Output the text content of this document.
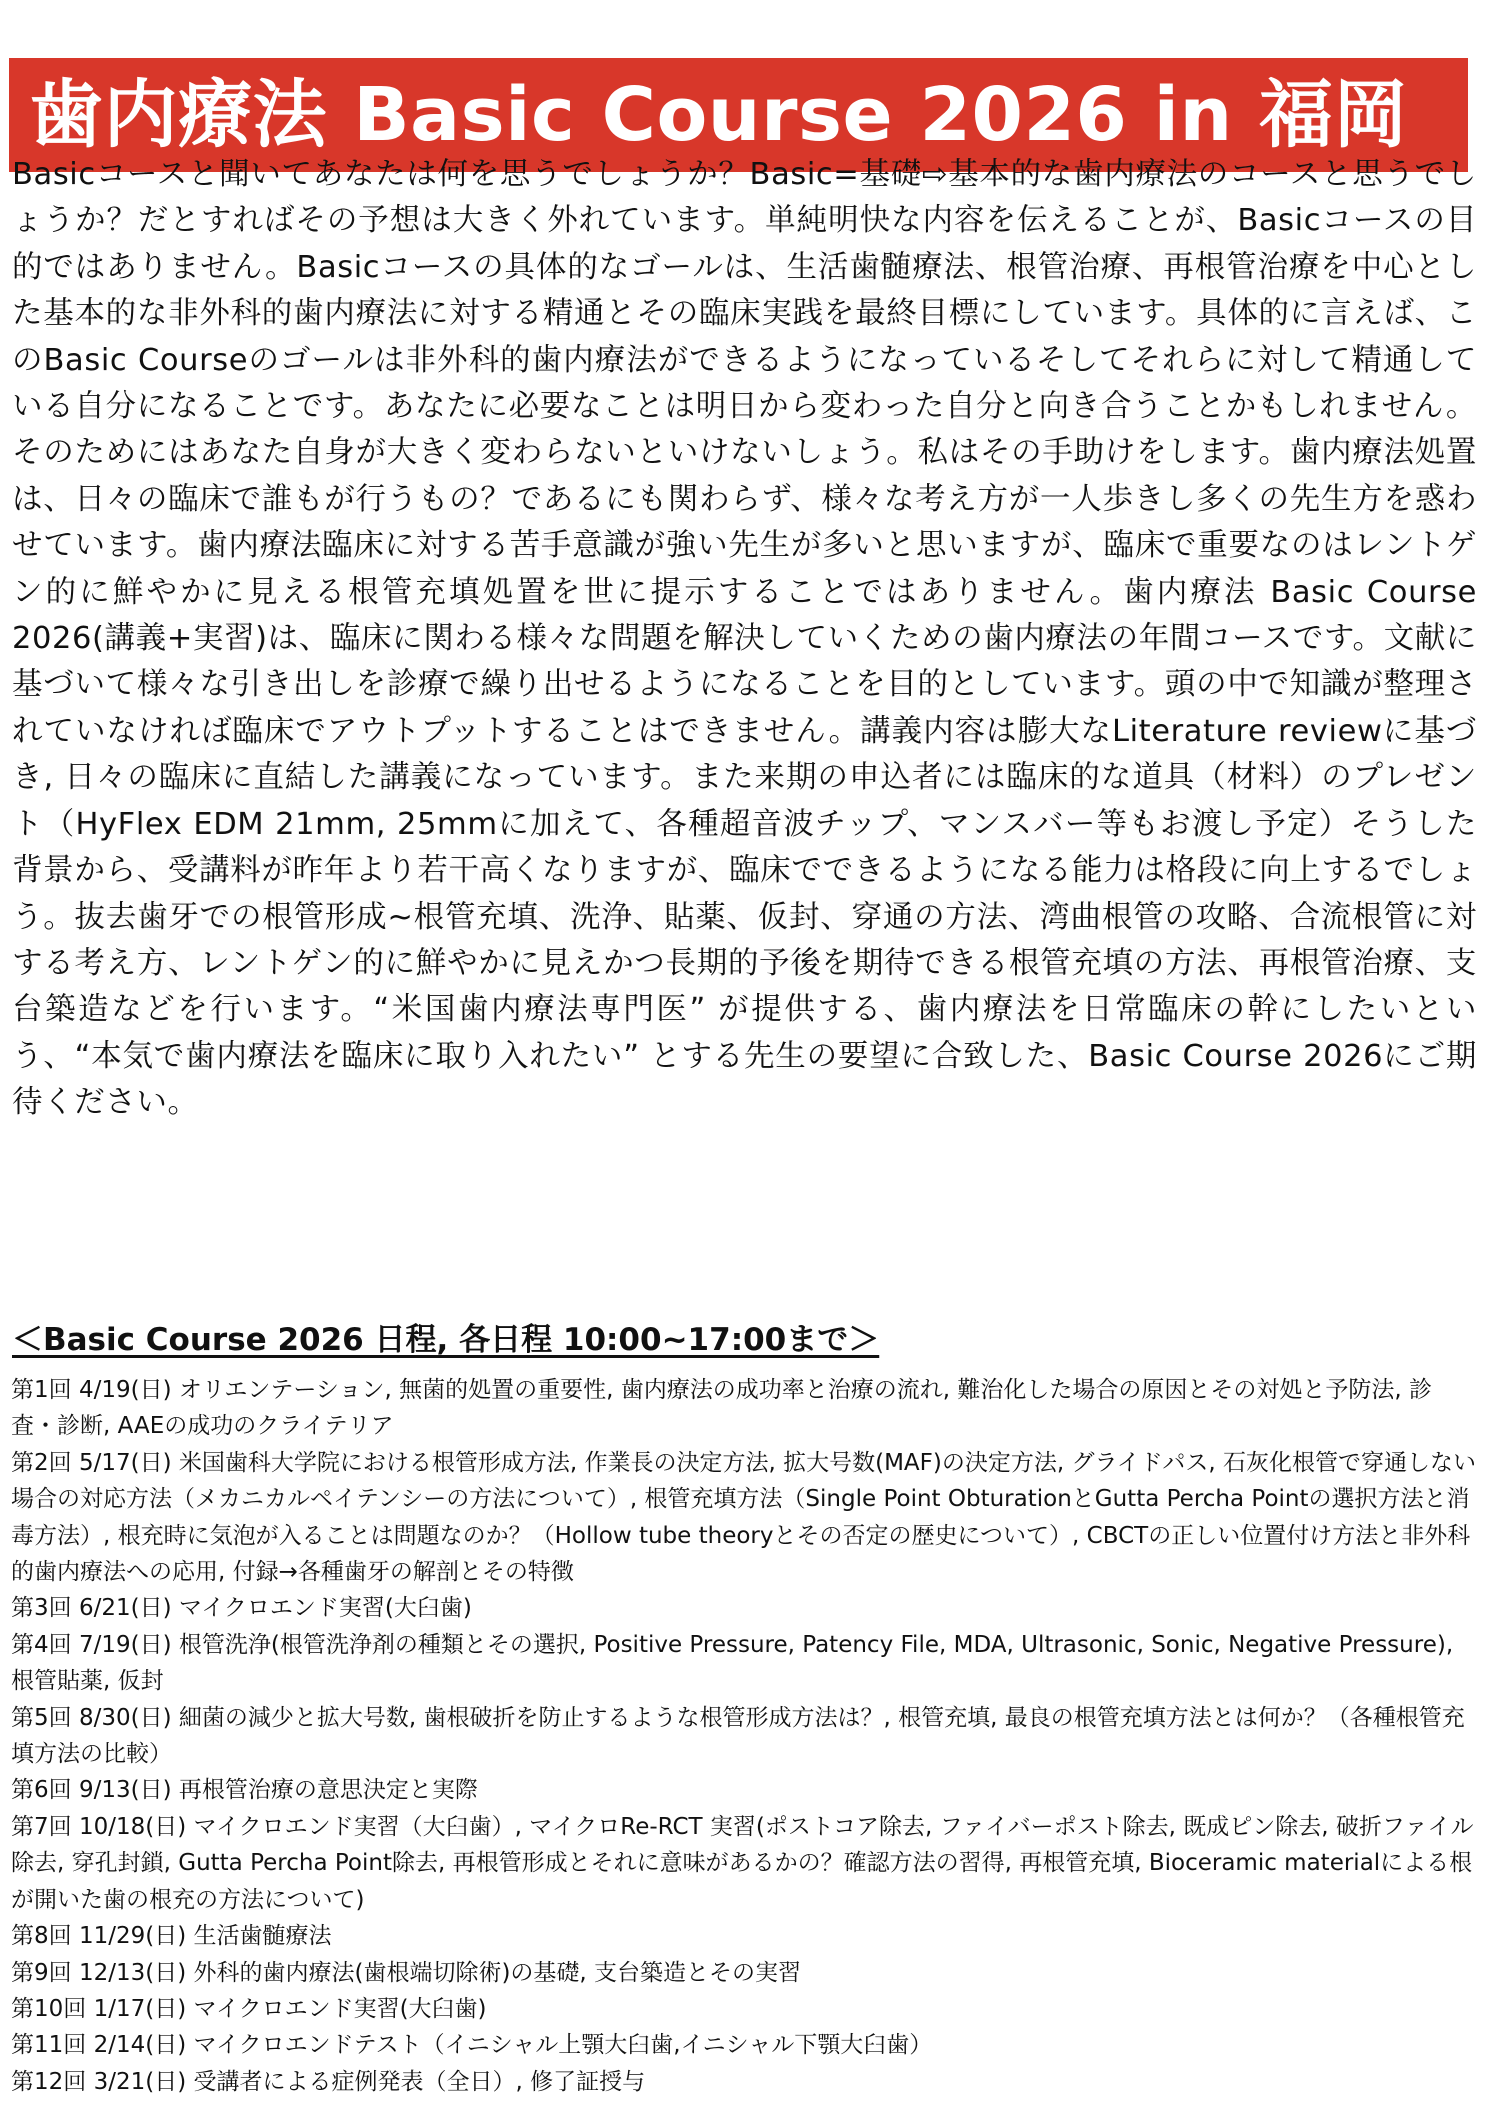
歯内療法 Basic Course 2026 in 福岡

Basicコースと聞いてあなたは何を思うでしょうか？Basic=基礎⇨基本的な歯内療法のコースと思うでしょうか？だとすればその予想は大きく外れています。単純明快な内容を伝えることが、Basicコースの目的ではありません。Basicコースの具体的なゴールは、生活歯髄療法、根管治療、再根管治療を中心とした基本的な非外科的歯内療法に対する精通とその臨床実践を最終目標にしています。具体的に言えば、このBasic Courseのゴールは非外科的歯内療法ができるようになっているそしてそれらに対して精通している自分になることです。あなたに必要なことは明日から変わった自分と向き合うことかもしれません。そのためにはあなた自身が大きく変わらないといけないしょう。私はその手助けをします。歯内療法処置は、日々の臨床で誰もが行うもの？であるにも関わらず、様々な考え方が一人歩きし多くの先生方を惑わせています。歯内療法臨床に対する苦手意識が強い先生が多いと思いますが、臨床で重要なのはレントゲン的に鮮やかに見える根管充填処置を世に提示することではありません。歯内療法 Basic Course 2026(講義+実習)は、臨床に関わる様々な問題を解決していくための歯内療法の年間コースです。文献に基づいて様々な引き出しを診療で繰り出せるようになることを目的としています。頭の中で知識が整理されていなければ臨床でアウトプットすることはできません。講義内容は膨大なLiterature reviewに基づき, 日々の臨床に直結した講義になっています。また来期の申込者には臨床的な道具（材料）のプレゼント（HyFlex EDM 21mm, 25mmに加えて、各種超音波チップ、マンスバー等もお渡し予定）そうした背景から、受講料が昨年より若干高くなりますが、臨床でできるようになる能力は格段に向上するでしょう。抜去歯牙での根管形成~根管充填、洗浄、貼薬、仮封、穿通の方法、湾曲根管の攻略、合流根管に対する考え方、レントゲン的に鮮やかに見えかつ長期的予後を期待できる根管充填の方法、再根管治療、支台築造などを行います。“米国歯内療法専門医” が提供する、歯内療法を日常臨床の幹にしたいという、“本気で歯内療法を臨床に取り入れたい” とする先生の要望に合致した、Basic Course 2026にご期待ください。

＜Basic Course 2026 日程, 各日程 10:00~17:00まで＞
第1回 4/19(日) オリエンテーション, 無菌的処置の重要性, 歯内療法の成功率と治療の流れ, 難治化した場合の原因とその対処と予防法, 診査・診断, AAEの成功のクライテリア
第2回 5/17(日) 米国歯科大学院における根管形成方法, 作業長の決定方法, 拡大号数(MAF)の決定方法, グライドパス, 石灰化根管で穿通しない場合の対応方法（メカニカルペイテンシーの方法について）, 根管充填方法（Single Point ObturationとGutta Percha Pointの選択方法と消毒方法）, 根充時に気泡が入ることは問題なのか？（Hollow tube theoryとその否定の歴史について）, CBCTの正しい位置付け方法と非外科的歯内療法への応用, 付録→各種歯牙の解剖とその特徴
第3回 6/21(日) マイクロエンド実習(大臼歯)
第4回 7/19(日) 根管洗浄(根管洗浄剤の種類とその選択, Positive Pressure, Patency File, MDA, Ultrasonic, Sonic, Negative Pressure), 根管貼薬, 仮封
第5回 8/30(日) 細菌の減少と拡大号数, 歯根破折を防止するような根管形成方法は？, 根管充填, 最良の根管充填方法とは何か？（各種根管充填方法の比較）
第6回 9/13(日) 再根管治療の意思決定と実際
第7回 10/18(日) マイクロエンド実習（大臼歯）, マイクロRe-RCT 実習(ポストコア除去, ファイバーポスト除去, 既成ピン除去, 破折ファイル除去, 穿孔封鎖, Gutta Percha Point除去, 再根管形成とそれに意味があるかの？確認方法の習得, 再根管充填, Bioceramic materialによる根が開いた歯の根充の方法について)
第8回 11/29(日) 生活歯髄療法
第9回 12/13(日) 外科的歯内療法(歯根端切除術)の基礎, 支台築造とその実習
第10回 1/17(日) マイクロエンド実習(大臼歯)
第11回 2/14(日) マイクロエンドテスト（イニシャル上顎大臼歯,イニシャル下顎大臼歯）
第12回 3/21(日) 受講者による症例発表（全日）, 修了証授与
